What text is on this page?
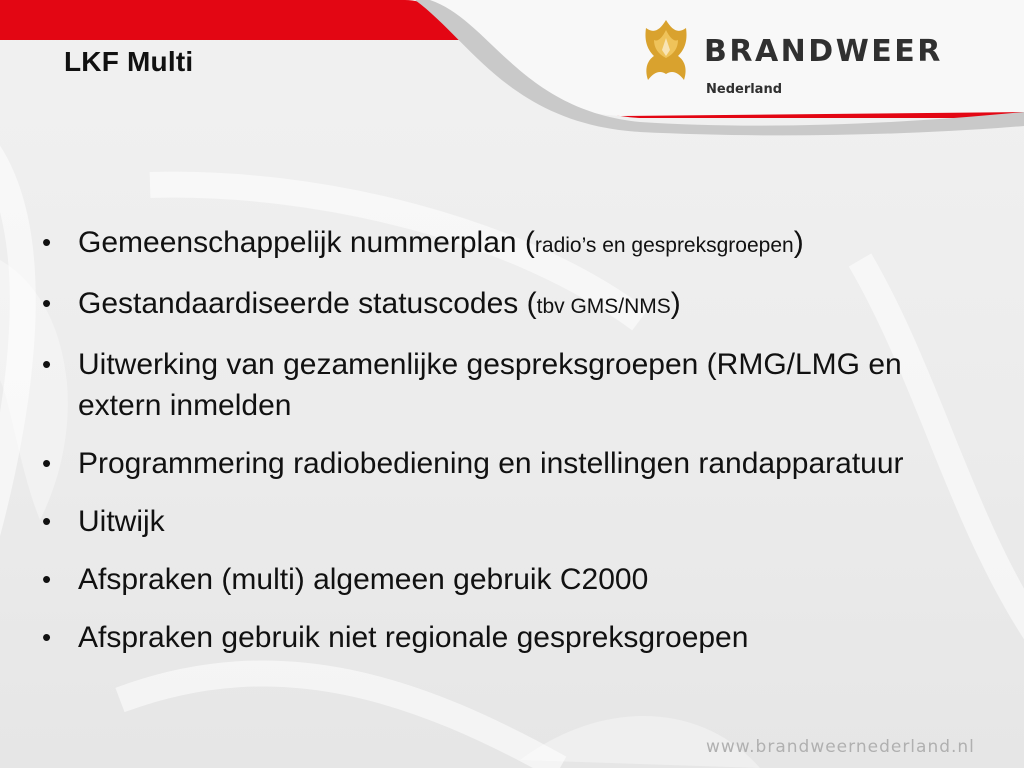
LKF Multi	BRANDWEER
Nederland
• Gemeenschappelijk nummerplan (radio’s en gespreksgroepen)
• Gestandaardiseerde statuscodes (tbv GMS/NMS)
• Uitwerking van gezamenlijke gespreksgroepen (RMG/LMG en extern inmelden
• Programmering radiobediening en instellingen randapparatuur
• Uitwijk
• Afspraken (multi) algemeen gebruik C2000
• Afspraken gebruik niet regionale gespreksgroepen
www.brandweernederland.nl
